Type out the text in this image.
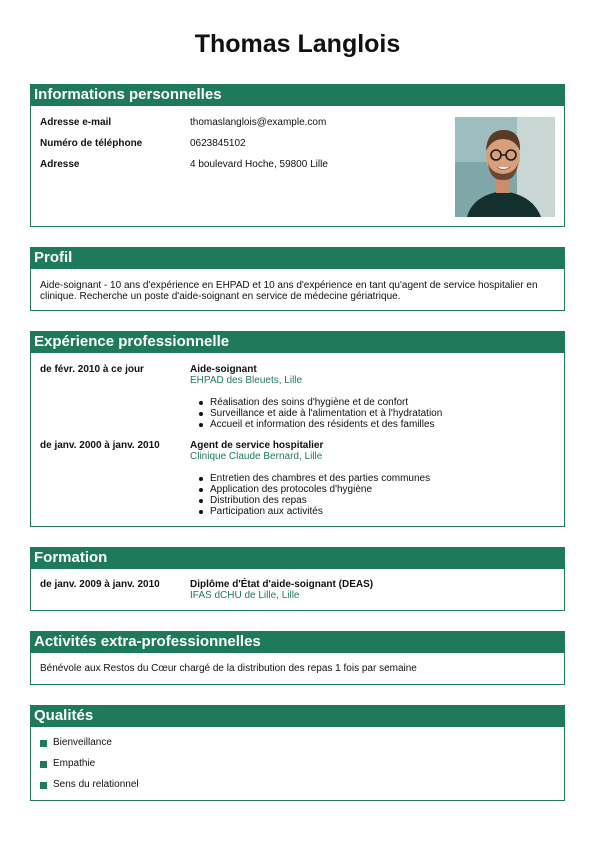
Thomas Langlois
Informations personnelles
Adresse e-mail	thomaslanglois@example.com
Numéro de téléphone	0623845102
Adresse	4 boulevard Hoche, 59800 Lille
Profil
Aide-soignant - 10 ans d'expérience en EHPAD et 10 ans d'expérience en tant qu'agent de service hospitalier en clinique. Recherche un poste d'aide-soignant en service de médecine gériatrique.
Expérience professionnelle
de févr. 2010 à ce jour	Aide-soignant
EHPAD des Bleuets, Lille
Réalisation des soins d'hygiène et de confort
Surveillance et aide à l'alimentation et à l'hydratation
Accueil et information des résidents et des familles
de janv. 2000 à janv. 2010	Agent de service hospitalier
Clinique Claude Bernard, Lille
Entretien des chambres et des parties communes
Application des protocoles d'hygiène
Distribution des repas
Participation aux activités
Formation
de janv. 2009 à janv. 2010	Diplôme d'État d'aide-soignant (DEAS)
IFAS dCHU de Lille, Lille
Activités extra-professionnelles
Bénévole aux Restos du Cœur chargé de la distribution des repas 1 fois par semaine
Qualités
Bienveillance
Empathie
Sens du relationnel
